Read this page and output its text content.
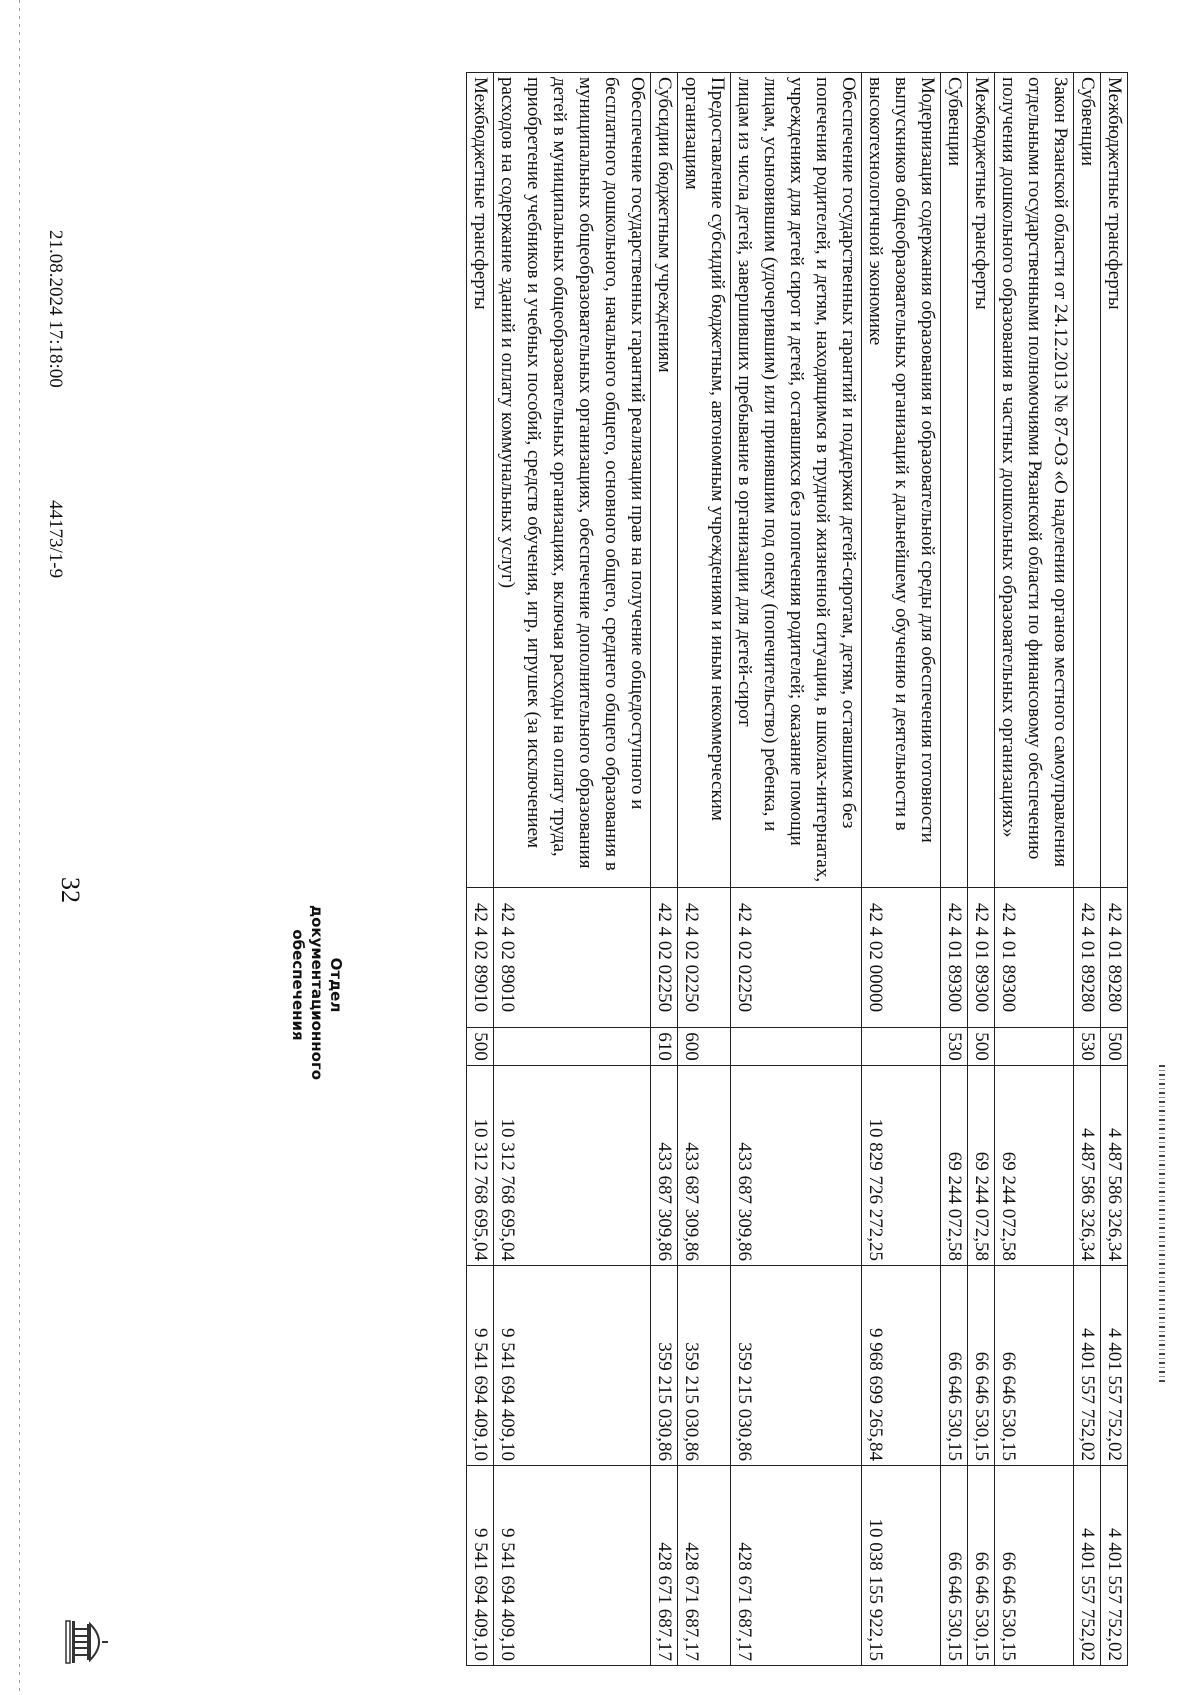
32
Межбюджетные трансферты	42 4 01 89280	500	4 487 586 326,34	4 401 557 752,02	4 401 557 752,02
Субвенции	42 4 01 89280	530	4 487 586 326,34	4 401 557 752,02	4 401 557 752,02
Закон Рязанской области от 24.12.2013 № 87-ОЗ «О наделении органов местного самоуправления отдельными государственными полномочиями Рязанской области по финансовому обеспечению получения дошкольного образования в частных дошкольных образовательных организациях»	42 4 01 89300		69 244 072,58	66 646 530,15	66 646 530,15
Межбюджетные трансферты	42 4 01 89300	500	69 244 072,58	66 646 530,15	66 646 530,15
Субвенции	42 4 01 89300	530	69 244 072,58	66 646 530,15	66 646 530,15
Модернизация содержания образования и образовательной среды для обеспечения готовности выпускников общеобразовательных организаций к дальнейшему обучению и деятельности в высокотехнологичной экономике	42 4 02 00000		10 829 726 272,25	9 968 699 265,84	10 038 155 922,15
Обеспечение государственных гарантий и поддержки детей-сиротам, детям, оставшимся без попечения родителей, и детям, находящимся в трудной жизненной ситуации, в школах-интернатах, учреждениях для детей сирот и детей, оставшихся без попечения родителей; оказание помощи лицам, усыновившим (удочерившим) или принявшим под опеку (попечительство) ребенка, и лицам из числа детей, завершивших пребывание в организации для детей-сирот	42 4 02 02250		433 687 309,86	359 215 030,86	428 671 687,17
Предоставление субсидий бюджетным, автономным учреждениям и иным некоммерческим организациям	42 4 02 02250	600	433 687 309,86	359 215 030,86	428 671 687,17
Субсидии бюджетным учреждениям	42 4 02 02250	610	433 687 309,86	359 215 030,86	428 671 687,17
Обеспечение государственных гарантий реализации прав на получение общедоступного и бесплатного дошкольного, начального общего, основного общего, среднего общего образования в муниципальных общеобразовательных организациях, обеспечение дополнительного образования детей в муниципальных общеобразовательных организациях, включая расходы на оплату труда, приобретение учебников и учебных пособий, средств обучения, игр, игрушек (за исключением расходов на содержание зданий и оплату коммунальных услуг)	42 4 02 89010		10 312 768 695,04	9 541 694 409,10	9 541 694 409,10
Межбюджетные трансферты	42 4 02 89010	500	10 312 768 695,04	9 541 694 409,10	9 541 694 409,10
21.08.2024 17:18:00
44173/1-9
Отдел документационного
обеспечения
